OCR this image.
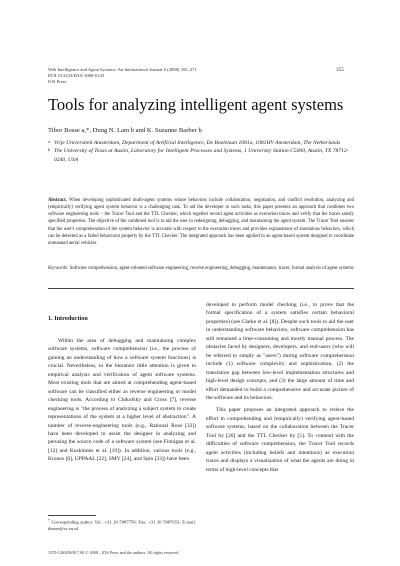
Web Intelligence and Agent Systems: An International Journal 6 (2008) 355–371
DOI 10.3233/WIA-2008-0145
IOS Press
355
Tools for analyzing intelligent agent systems
Tibor Bosse a,*, Dung N. Lam b and K. Suzanne Barber b
a Vrije Universiteit Amsterdam, Department of Artificial Intelligence, De Boelelaan 1081a, 1081HV Amsterdam, The Netherlands
b The University of Texas at Austin, Laboratory for Intelligent Processes and Systems, 1 University Station C5000, Austin, TX 78712-0240, USA
Abstract. When developing sophisticated multi-agent systems whose behaviors include collaboration, negotiation, and conflict resolution, analyzing and (empirically) verifying agent system behavior is a challenging task. To aid the developer in such tasks, this paper presents an approach that combines two software engineering tools – the Tracer Tool and the TTL Checker, which together record agent activities as execution traces and verify that the traces satisfy specified properties. The objective of the combined tool is to aid the user in redesigning, debugging, and maintaining the agent system. The Tracer Tool ensures that the user's comprehension of the system behavior is accurate with respect to the execution traces and provides explanations of anomalous behaviors, which can be detected as a failed behavioral property by the TTL Checker. The integrated approach has been applied to an agent-based system designed to coordinate unmanned aerial vehicles.
Keywords: Software comprehension, agent-oriented software engineering, reverse engineering, debugging, maintenance, tracer, formal analysis of agent systems
1. Introduction

Within the area of debugging and maintaining complex software systems, software comprehension (i.e., the process of gaining an understanding of how a software system functions) is crucial. Nevertheless, in the literature little attention is given to empirical analysis and verification of agent software systems. Most existing tools that are aimed at comprehending agent-based software can be classified either as reverse engineering or model checking tools. According to Chikofsky and Cross [7], reverse engineering is "the process of analyzing a subject system to create representations of the system at a higher level of abstraction". A number of reverse-engineering tools (e.g., Rational Rose [32]) have been developed to assist the designer in analyzing and perusing the source code of a software system (see Finnigan et al. [12] and Koskimies et al. [19]). In addition, various tools (e.g., Kronos [6], UPPAAL [22], SMV [24], and Spin [33]) have been

developed to perform model checking (i.e., to prove that the formal specification of a system satisfies certain behavioral properties) (see Clarke et al. [8]). Despite such tools to aid the user in understanding software behaviors, software comprehension has still remained a time-consuming and mostly manual process. The obstacles faced by designers, developers, and end-users (who will be referred to simply as "users") during software comprehension include (1) software complexity and sophistication, (2) the translation gap between low-level implementation structures and high-level design concepts, and (3) the large amount of time and effort demanded to build a comprehensive and accurate picture of the software and its behaviors.

This paper proposes an integrated approach to reduce the effort in comprehending and (empirically) verifying agent-based software systems, based on the collaboration between the Tracer Tool by [20] and the TTL Checker by [5]. To contend with the difficulties of software comprehension, the Tracer Tool records agent activities (including beliefs and intentions) as execution traces and displays a visualization of what the agents are doing in terms of high-level concepts that

* Corresponding author. Tel.: +31 20 5987750; Fax: +31 20 5987653; E-mail: tbosse@cs.vu.nl.
1570-1263/08/$17.00 © 2008 – IOS Press and the authors. All rights reserved
